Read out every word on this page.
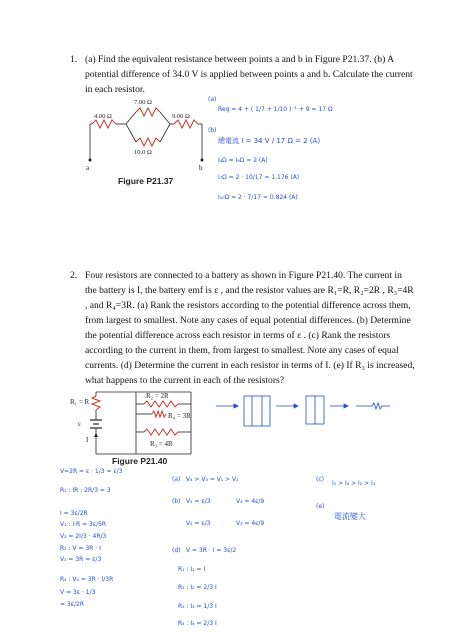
1. (a) Find the equivalent resistance between points a and b in Figure P21.37. (b) A potential difference of 34.0 V is applied between points a and b. Calculate the current in each resistor.
4.00 Ω
7.00 Ω
9.00 Ω
10.0 Ω
a	b
Figure P21.37
(a)
Req = 4 + ( 1/7 + 1/10 )⁻¹ + 9 = 17 Ω
(b)
總電流 I = 34 V / 17 Ω = 2 (A)
I₄Ω = I₉Ω = 2 (A)
I₇Ω = 2 · 10/17 = 1.176 (A)
I₁₀Ω = 2 · 7/17 = 0.824 (A)
2. Four resistors are connected to a battery as shown in Figure P21.40. The current in the battery is I, the battery emf is ε , and the resistor values are R₁=R, R₂=2R , R₃=4R , and R₄=3R. (a) Rank the resistors according to the potential difference across them, from largest to smallest. Note any cases of equal potential differences. (b) Determine the potential difference across each resistor in terms of ε . (c) Rank the resistors according to the current in them, from largest to smallest. Note any cases of equal currents. (d) Determine the current in each resistor in terms of I. (e) If R₃ is increased, what happens to the current in each of the resistors?
R₁ = R
R₂ = 2R
R₄ = 3R
R₃ = 4R
ε
I
Figure P21.40
V=2R = ε · 1/3 = ε/3
R₁ : IR : 2R/3 = 3
I = 3ε/2R
V₁ : I·R = 3ε/5R
V₂ = 2I/3 · 4R/3
R₂ : V = 3R · I
V₃ = 3R = ε/3
R₄ : V₄ = 3R · I/3R
V = 3ε · 1/3
= 3ε/2R
(a) V₄ > V₃ = V₁ > V₂
(b) V₁ = ε/3	V₄ = 4ε/9
V₂ = ε/3	V₃ = 4ε/9
(d) V = 3R · I = 3ε/2
R₁ : I₁ = I
R₂ : I₂ = 2/3 I
R₃ : I₃ = 1/3 I
R₄ : I₄ = 2/3 I
(c)
I₁ > I₄ > I₂ > I₃
(e)
電流變大
